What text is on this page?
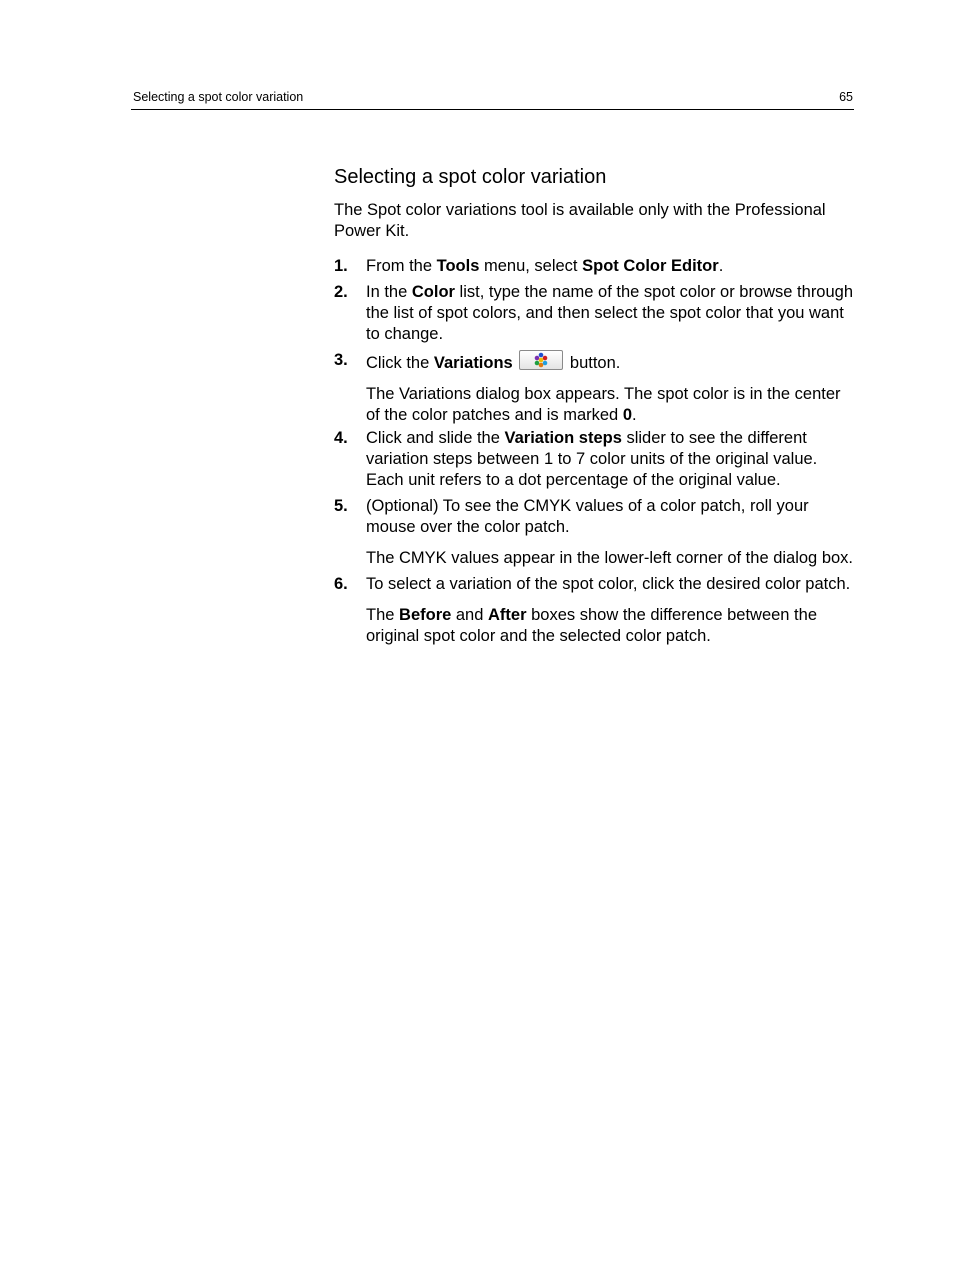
Selecting a spot color variation	65
Selecting a spot color variation

The Spot color variations tool is available only with the Professional Power Kit.

1. From the Tools menu, select Spot Color Editor.
2. In the Color list, type the name of the spot color or browse through the list of spot colors, and then select the spot color that you want to change.
3. Click the Variations	button.

The Variations dialog box appears. The spot color is in the center of the color patches and is marked 0.

4. Click and slide the Variation steps slider to see the different variation steps between 1 to 7 color units of the original value. Each unit refers to a dot percentage of the original value.
5. (Optional) To see the CMYK values of a color patch, roll your mouse over the color patch.

The CMYK values appear in the lower-left corner of the dialog box.

6. To select a variation of the spot color, click the desired color patch.

The Before and After boxes show the difference between the original spot color and the selected color patch.
